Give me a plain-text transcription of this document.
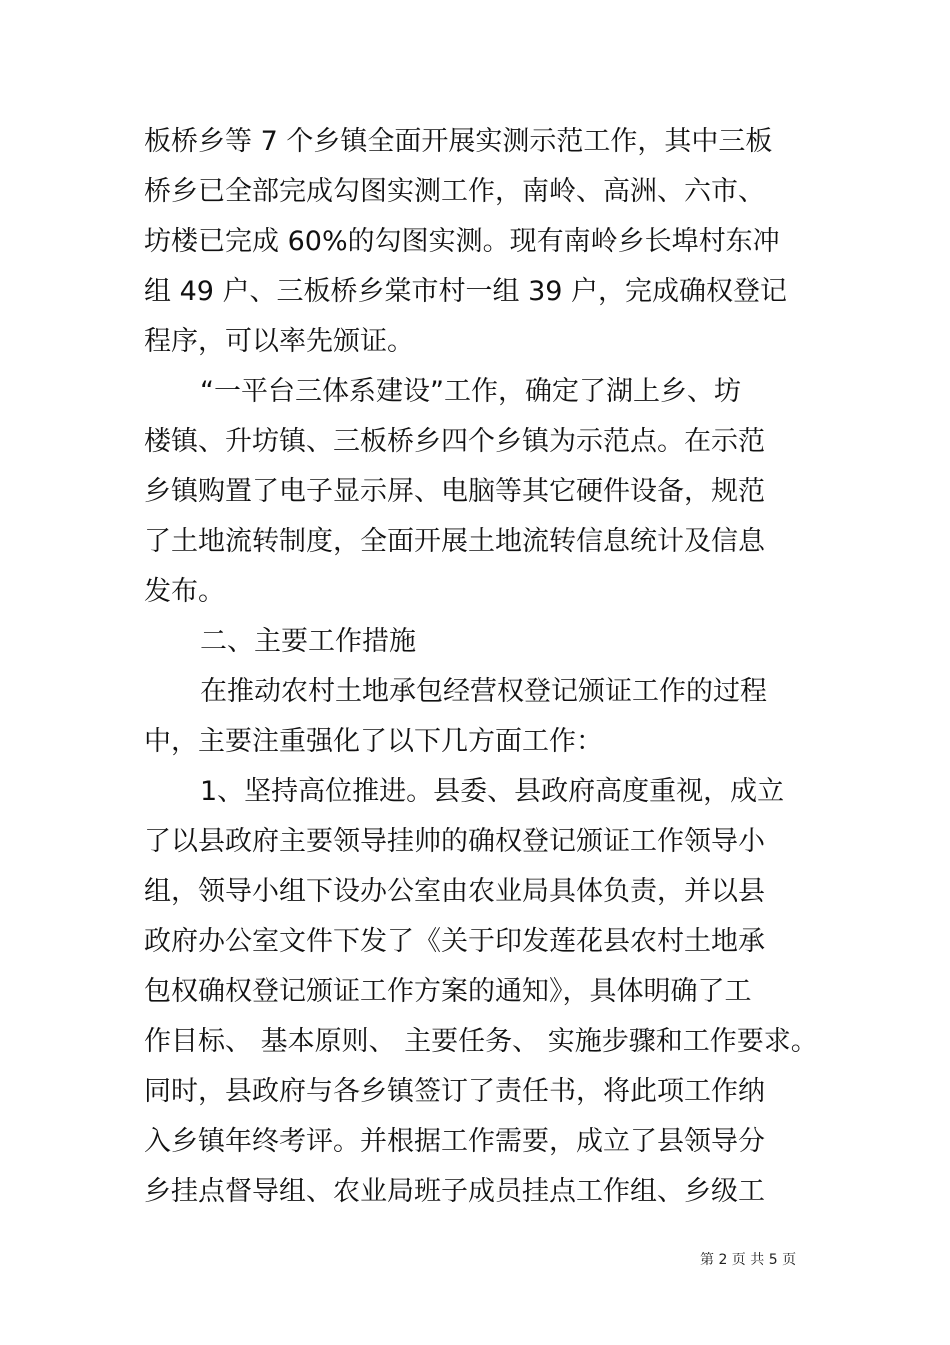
板桥乡等 7 个乡镇全面开展实测示范工作，其中三板
桥乡已全部完成勾图实测工作，南岭、高洲、六市、
坊楼已完成 60%的勾图实测。现有南岭乡长埠村东冲
组 49 户、三板桥乡棠市村一组 39 户，完成确权登记
程序，可以率先颁证。
“一平台三体系建设”工作，确定了湖上乡、坊
楼镇、升坊镇、三板桥乡四个乡镇为示范点。在示范
乡镇购置了电子显示屏、电脑等其它硬件设备，规范
了土地流转制度，全面开展土地流转信息统计及信息
发布。
二、主要工作措施
在推动农村土地承包经营权登记颁证工作的过程
中，主要注重强化了以下几方面工作：
1、坚持高位推进。县委、县政府高度重视，成立
了以县政府主要领导挂帅的确权登记颁证工作领导小
组，领导小组下设办公室由农业局具体负责，并以县
政府办公室文件下发了《关于印发莲花县农村土地承
包权确权登记颁证工作方案的通知》，具体明确了工
作目标、 基本原则、 主要任务、 实施步骤和工作要求。
同时，县政府与各乡镇签订了责任书，将此项工作纳
入乡镇年终考评。并根据工作需要，成立了县领导分
乡挂点督导组、农业局班子成员挂点工作组、乡级工
第 2 页 共 5 页
